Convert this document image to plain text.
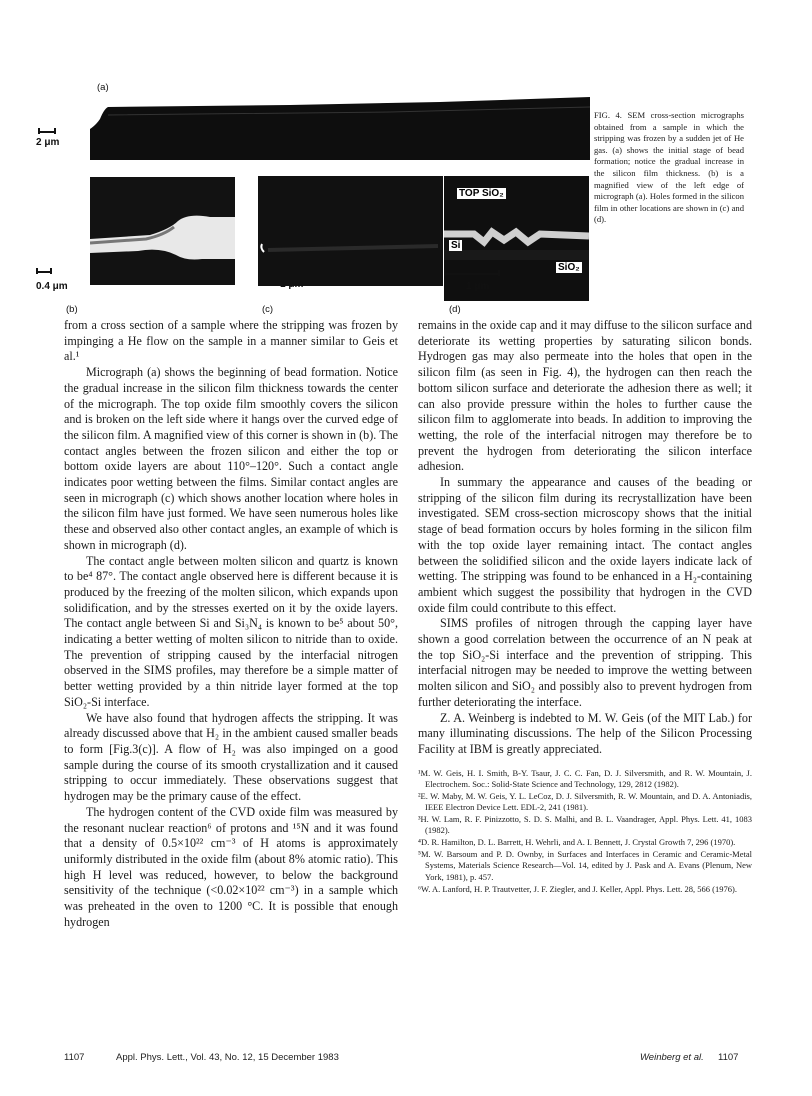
(a)
2 μm
0.4 μm
(b)
1 μm
(c)
TOP SiO₂
Si
SiO₂
1 μm
(d)
FIG. 4. SEM cross-section micrographs obtained from a sample in which the stripping was frozen by a sudden jet of He gas. (a) shows the initial stage of bead formation; notice the gradual increase in the silicon film thickness. (b) is a magnified view of the left edge of micrograph (a). Holes formed in the silicon film in other locations are shown in (c) and (d).

from a cross section of a sample where the stripping was frozen by impinging a He flow on the sample in a manner similar to Geis et al.¹

Micrograph (a) shows the beginning of bead formation. Notice the gradual increase in the silicon film thickness towards the center of the micrograph. The top oxide film smoothly covers the silicon and is broken on the left side where it hangs over the curved edge of the silicon film. A magnified view of this corner is shown in (b). The contact angles between the frozen silicon and either the top or bottom oxide layers are about 110°–120°. Such a contact angle indicates poor wetting between the films. Similar contact angles are seen in micrograph (c) which shows another location where holes in the silicon film have just formed. We have seen numerous holes like these and observed also other contact angles, an example of which is shown in micrograph (d).

The contact angle between molten silicon and quartz is known to be⁴ 87°. The contact angle observed here is different because it is produced by the freezing of the molten silicon, which expands upon solidification, and by the stresses exerted on it by the oxide layers. The contact angle between Si and Si₃N₄ is known to be⁵ about 50°, indicating a better wetting of molten silicon to nitride than to oxide. The prevention of stripping caused by the interfacial nitrogen observed in the SIMS profiles, may therefore be a simple matter of better wetting provided by a thin nitride layer formed at the top SiO₂-Si interface.

We have also found that hydrogen affects the stripping. It was already discussed above that H₂ in the ambient caused smaller beads to form [Fig.3(c)]. A flow of H₂ was also impinged on a good sample during the course of its smooth crystallization and it caused stripping to occur immediately. These observations suggest that hydrogen may be the primary cause of the effect.

The hydrogen content of the CVD oxide film was measured by the resonant nuclear reaction⁶ of protons and ¹⁵N and it was found that a density of 0.5×10²² cm⁻³ of H atoms is approximately uniformly distributed in the oxide film (about 8% atomic ratio). This high H level was reduced, however, to below the background sensitivity of the technique (<0.02×10²² cm⁻³) in a sample which was preheated in the oven to 1200 °C. It is possible that enough hydrogen

remains in the oxide cap and it may diffuse to the silicon surface and deteriorate its wetting properties by saturating silicon bonds. Hydrogen gas may also permeate into the holes that open in the silicon film (as seen in Fig. 4), the hydrogen can then reach the bottom silicon surface and deteriorate the adhesion there as well; it can also provide pressure within the holes to further cause the silicon film to agglomerate into beads. In addition to improving the wetting, the role of the interfacial nitrogen may therefore be to prevent the hydrogen from deteriorating the silicon interface adhesion.

In summary the appearance and causes of the beading or stripping of the silicon film during its recrystallization have been investigated. SEM cross-section microscopy shows that the initial stage of bead formation occurs by holes forming in the silicon film with the top oxide layer remaining intact. The contact angles between the solidified silicon and the oxide layers indicate lack of wetting. The stripping was found to be enhanced in a H₂-containing ambient which suggest the possibility that hydrogen in the CVD oxide film could contribute to this effect.

SIMS profiles of nitrogen through the capping layer have shown a good correlation between the occurrence of an N peak at the top SiO₂-Si interface and the prevention of stripping. This interfacial nitrogen may be needed to improve the wetting between molten silicon and SiO₂ and possibly also to prevent hydrogen from further deteriorating the interface.

Z. A. Weinberg is indebted to M. W. Geis (of the MIT Lab.) for many illuminating discussions. The help of the Silicon Processing Facility at IBM is greatly appreciated.

¹M. W. Geis, H. I. Smith, B-Y. Tsaur, J. C. C. Fan, D. J. Silversmith, and R. W. Mountain, J. Electrochem. Soc.: Solid-State Science and Technology, 129, 2812 (1982).
²E. W. Maby, M. W. Geis, Y. L. LeCoz, D. J. Silversmith, R. W. Mountain, and D. A. Antoniadis, IEEE Electron Device Lett. EDL-2, 241 (1981).
³H. W. Lam, R. F. Pinizzotto, S. D. S. Malhi, and B. L. Vaandrager, Appl. Phys. Lett. 41, 1083 (1982).
⁴D. R. Hamilton, D. L. Barrett, H. Wehrli, and A. I. Bennett, J. Crystal Growth 7, 296 (1970).
⁵M. W. Barsoum and P. D. Ownby, in Surfaces and Interfaces in Ceramic and Ceramic-Metal Systems, Materials Science Research—Vol. 14, edited by J. Pask and A. Evans (Plenum, New York, 1981), p. 457.
⁶W. A. Lanford, H. P. Trautvetter, J. F. Ziegler, and J. Keller, Appl. Phys. Lett. 28, 566 (1976).
1107	Appl. Phys. Lett., Vol. 43, No. 12, 15 December 1983	Weinberg et al. 1107
